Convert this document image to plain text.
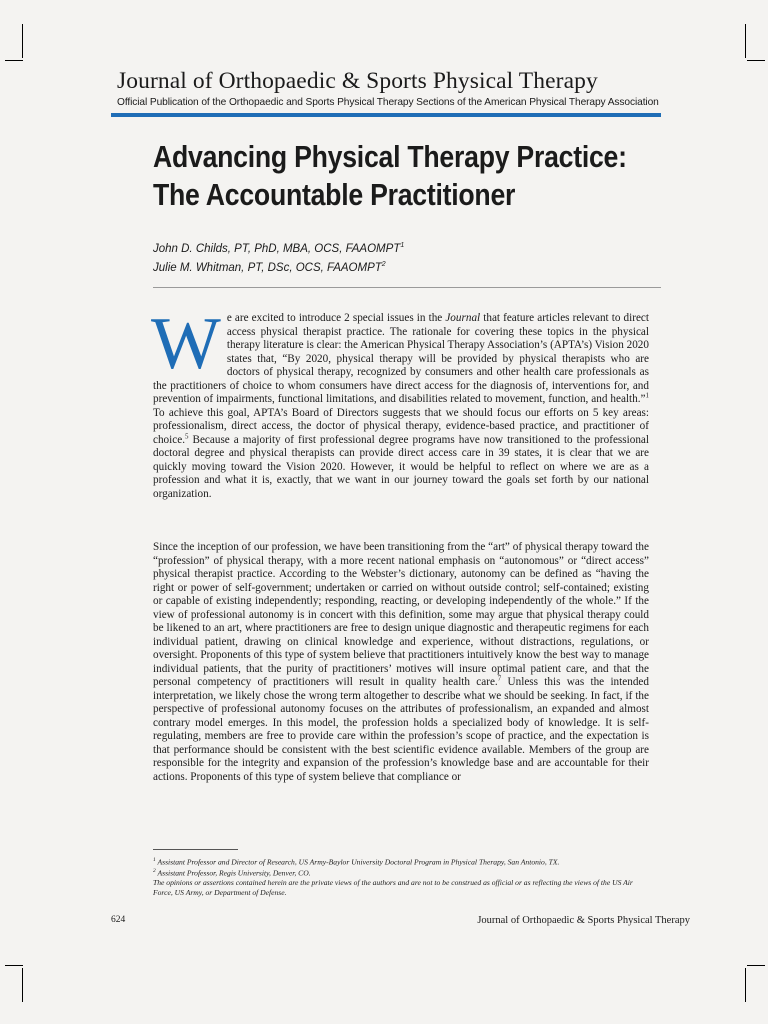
Journal of Orthopaedic & Sports Physical Therapy
Official Publication of the Orthopaedic and Sports Physical Therapy Sections of the American Physical Therapy Association
Advancing Physical Therapy Practice:
The Accountable Practitioner
John D. Childs, PT, PhD, MBA, OCS, FAAOMPT$^1$
Julie M. Whitman, PT, DSc, OCS, FAAOMPT$^2$
We are excited to introduce 2 special issues in the Journal that feature articles relevant to direct access physical therapist practice. The rationale for covering these topics in the physical therapy literature is clear: the American Physical Therapy Association’s (APTA’s) Vision 2020 states that, “By 2020, physical therapy will be provided by physical therapists who are doctors of physical therapy, recognized by consumers and other health care professionals as the practitioners of choice to whom consumers have direct access for the diagnosis of, interventions for, and prevention of impairments, functional limitations, and disabilities related to movement, function, and health.”$^1$ To achieve this goal, APTA’s Board of Directors suggests that we should focus our efforts on 5 key areas: professionalism, direct access, the doctor of physical therapy, evidence-based practice, and practitioner of choice.$^5$ Because a majority of first professional degree programs have now transitioned to the professional doctoral degree and physical therapists can provide direct access care in 39 states, it is clear that we are quickly moving toward the Vision 2020. However, it would be helpful to reflect on where we are as a profession and what it is, exactly, that we want in our journey toward the goals set forth by our national organization.
Since the inception of our profession, we have been transitioning from the “art” of physical therapy toward the “profession” of physical therapy, with a more recent national emphasis on “autonomous” or “direct access” physical therapist practice. According to the Webster’s dictionary, autonomy can be defined as “having the right or power of self-government; undertaken or carried on without outside control; self-contained; existing or capable of existing independently; responding, reacting, or developing independently of the whole.” If the view of professional autonomy is in concert with this definition, some may argue that physical therapy could be likened to an art, where practitioners are free to design unique diagnostic and therapeutic regimens for each individual patient, drawing on clinical knowledge and experience, without distractions, regulations, or oversight. Proponents of this type of system believe that practitioners intuitively know the best way to manage individual patients, that the purity of practitioners’ motives will insure optimal patient care, and that the personal competency of practitioners will result in quality health care.$^7$ Unless this was the intended interpretation, we likely chose the wrong term altogether to describe what we should be seeking. In fact, if the perspective of professional autonomy focuses on the attributes of professionalism, an expanded and almost contrary model emerges. In this model, the profession holds a specialized body of knowledge. It is self-regulating, members are free to provide care within the profession’s scope of practice, and the expectation is that performance should be consistent with the best scientific evidence available. Members of the group are responsible for the integrity and expansion of the profession’s knowledge base and are accountable for their actions. Proponents of this type of system believe that compliance or
$^1$ Assistant Professor and Director of Research, US Army-Baylor University Doctoral Program in Physical Therapy, San Antonio, TX.
$^2$ Assistant Professor, Regis University, Denver, CO.
The opinions or assertions contained herein are the private views of the authors and are not to be construed as official or as reflecting the views of the US Air Force, US Army, or Department of Defense.
624	Journal of Orthopaedic & Sports Physical Therapy
